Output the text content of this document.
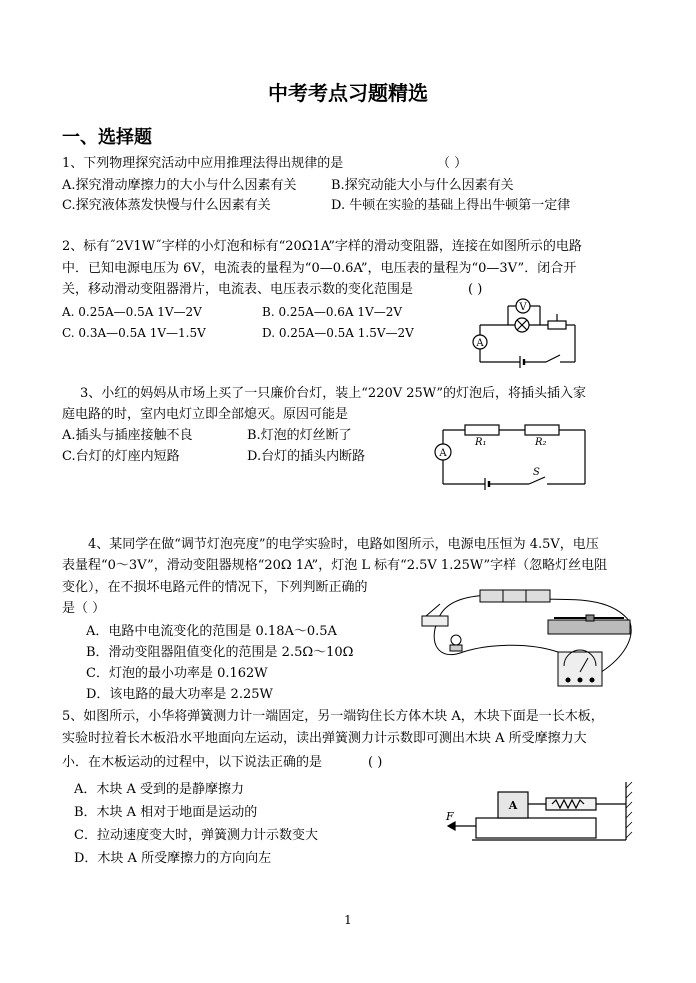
中考考点习题精选
一、选择题
1、下列物理探究活动中应用推理法得出规律的是	（ ）
A.探究滑动摩擦力的大小与什么因素有关	B.探究动能大小与什么因素有关
C.探究液体蒸发快慢与什么因素有关	D. 牛顿在实验的基础上得出牛顿第一定律
2、标有˝2V1W˝字样的小灯泡和标有“20Ω1A”字样的滑动变阻器，连接在如图所示的电路
中．已知电源电压为 6V，电流表的量程为“0—0.6A”，电压表的量程为“0—3V”．闭合开
关，移动滑动变阻器滑片，电流表、电压表示数的变化范围是	( )
A. 0.25A—0.5A 1V—2V	B. 0.25A—0.6A 1V—2V
C. 0.3A—0.5A 1V—1.5V	D. 0.25A—0.5A 1.5V—2V
V
A
3、小红的妈妈从市场上买了一只廉价台灯，装上“220V 25W”的灯泡后，将插头插入家
庭电路的时，室内电灯立即全部熄灭。原因可能是
A.插头与插座接触不良	B.灯泡的灯丝断了
C.台灯的灯座内短路	D.台灯的插头内断路	A
R₁	R₂
S
4、某同学在做“调节灯泡亮度”的电学实验时，电路如图所示，电源电压恒为 4.5V，电压
表量程“0～3V”，滑动变阻器规格“20Ω 1A”，灯泡 L 标有“2.5V 1.25W”字样（忽略灯丝电阻
变化），在不损坏电路元件的情况下，下列判断正确的
是（ ）
A．电路中电流变化的范围是 0.18A～0.5A
B．滑动变阻器阻值变化的范围是 2.5Ω～10Ω
C．灯泡的最小功率是 0.162W
D．该电路的最大功率是 2.25W
5、如图所示，小华将弹簧测力计一端固定，另一端钩住长方体木块 A，木块下面是一长木板，
实验时拉着长木板沿水平地面向左运动，读出弹簧测力计示数即可测出木块 A 所受摩擦力大
小．在木板运动的过程中，以下说法正确的是	( )
A．木块 A 受到的是静摩擦力
B．木块 A 相对于地面是运动的
C．拉动速度变大时，弹簧测力计示数变大
D．木块 A 所受摩擦力的方向向左
A
F
1
